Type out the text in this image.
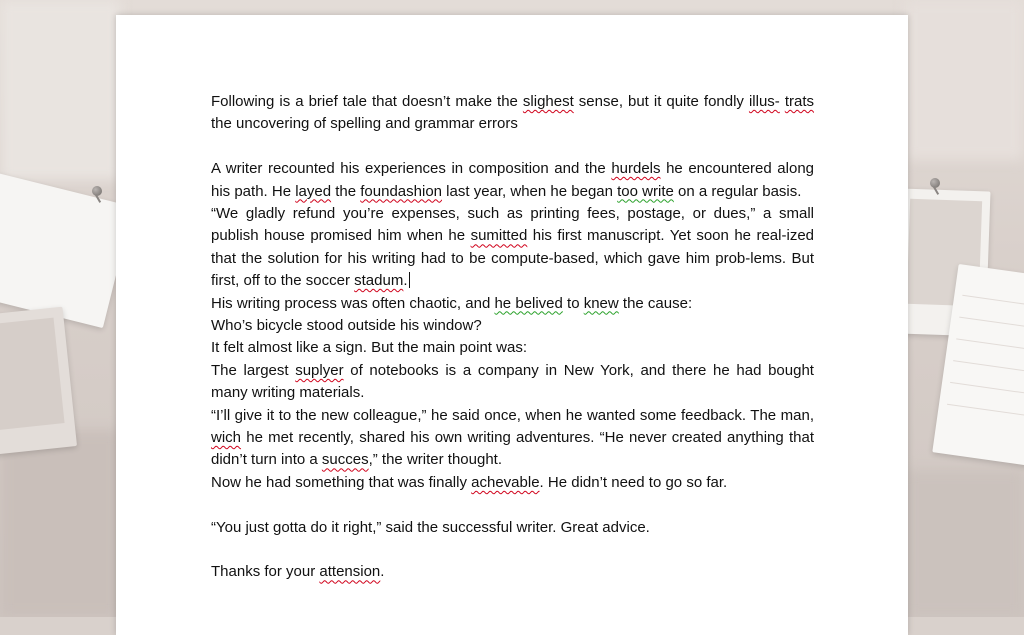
Following is a brief tale that doesn’t make the slighest sense, but it quite fondly illus- trats the uncovering of spelling and grammar errors

A writer recounted his experiences in composition and the hurdels he encountered along his path. He layed the foundashion last year, when he began too write on a regular basis.

“We gladly refund you’re expenses, such as printing fees, postage, or dues,” a small publish house promised him when he sumitted his first manuscript. Yet soon he real-ized that the solution for his writing had to be compute-based, which gave him prob-lems. But first, off to the soccer stadum.

His writing process was often chaotic, and he belived to knew the cause:

Who’s bicycle stood outside his window?

It felt almost like a sign. But the main point was:

The largest suplyer of notebooks is a company in New York, and there he had bought many writing materials.

“I’ll give it to the new colleague,” he said once, when he wanted some feedback. The man, wich he met recently, shared his own writing adventures. “He never created anything that didn’t turn into a succes,” the writer thought.

Now he had something that was finally achevable. He didn’t need to go so far.

“You just gotta do it right,” said the successful writer. Great advice.

Thanks for your attension.
